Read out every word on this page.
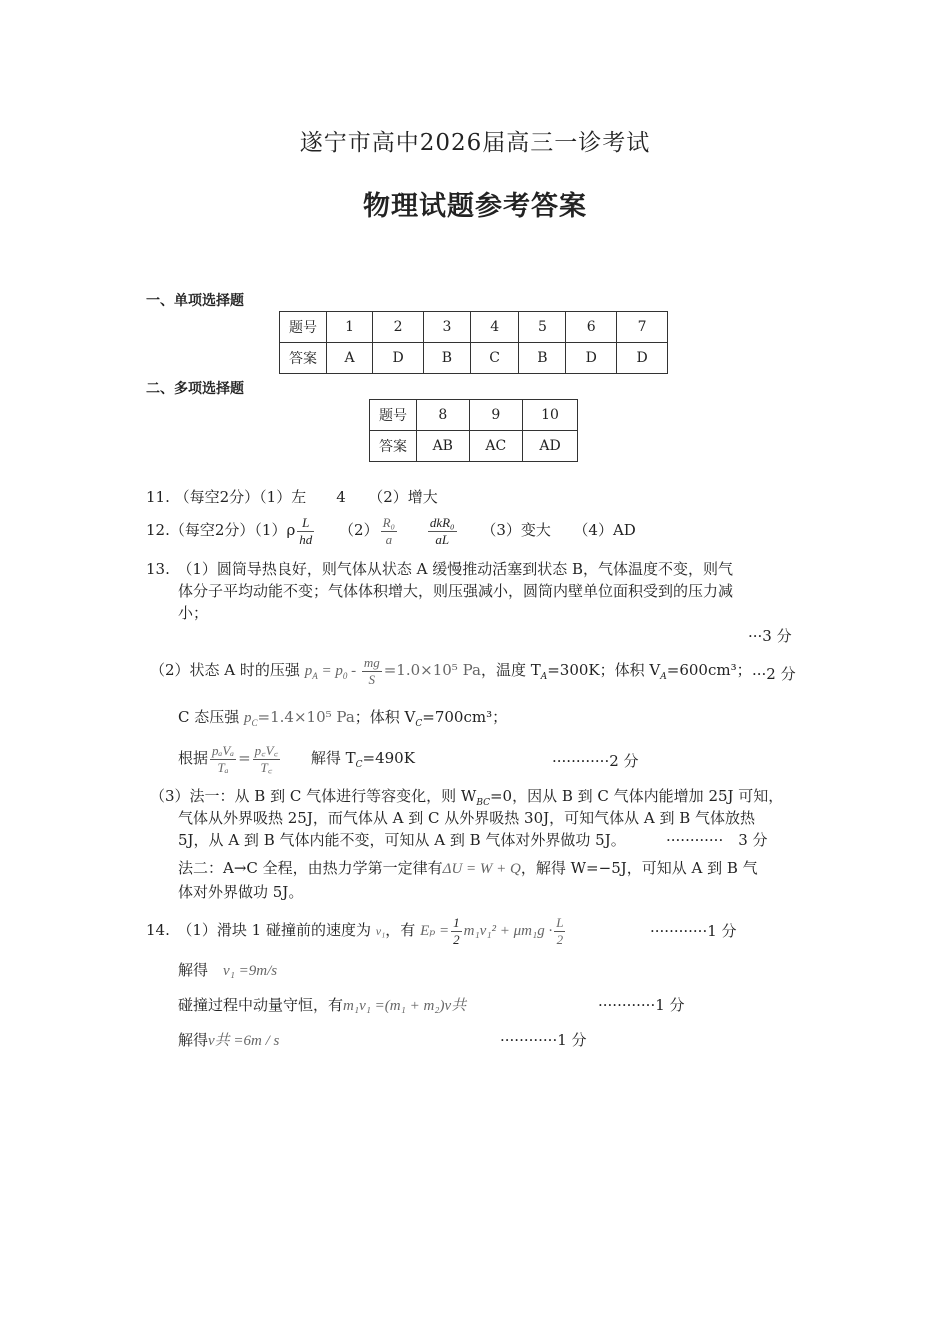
遂宁市高中2026届高三一诊考试
物理试题参考答案
一、单项选择题
题号	1	2	3	4	5	6	7
答案	A	D	B	C	B	D	D
二、多项选择题
题号	8	9	10
答案	AB	AC	AD
11. （每空2分）（1）左　　4　　（2）增大
12.（每空2分）$(1)\rho \frac{L}{hd} (2) \frac{\text{R₀}}{a}$
$\frac{\text{dkR₀}}{aL} (3)$变大　　（4）AD
13.　（1）圆筒导热良好，则气体从状态 A 缓慢推动活塞到状态 B，气体温度不变，则气
体分子平均动能不变；气体体积增大，则压强减小，圆筒内壁单位面积受到的压力减
小；
···3 分
（2）状态 A 时的压强 $p_A = p_0 - \frac{mg}{S} =1.0\times 10^5$ Pa，温度 $T_A=300K$；体积 $V_A=600cm^3$； ···2 分
C 态压强 $p_C=1.4\times 10^5$ Pa；体积 $V_C=700cm^3$；
根据 $\frac{\text{pₐVₐ}}{\text{Tₐ}} = \frac{p꜀V꜀}{T꜀}$ 解得 $T_C=490K$	············2 分
（3）法一：从 B 到 C 气体进行等容变化，则 $W_{BC}=0$，因从 B 到 C 气体内能增加 25J 可知，
气体从外界吸热 25J，而气体从 A 到 C 从外界吸热 30J，可知气体从 A 到 B 气体放热
5J，从 A 到 B 气体内能不变，可知从 A 到 B 气体对外界做功 5J。	············　3 分
法二：A→C 全程，由热力学第一定律有ΔU = W + Q，解得 W=−5J，可知从 A 到 B 气
体对外界做功 5J。
14.　（1）滑块 1 碰撞前的速度为 v₁，有 $E_p = \frac{1}{2} m_1v_1^2 + \mu m_1g \cdot \frac{L}{2}$	············1 分
解得　 v₁ =9m/s
碰撞过程中动量守恒，有m₁v₁ =(m₁ + m₂)v共	············1 分
解得v共 =6m / s	············1 分
